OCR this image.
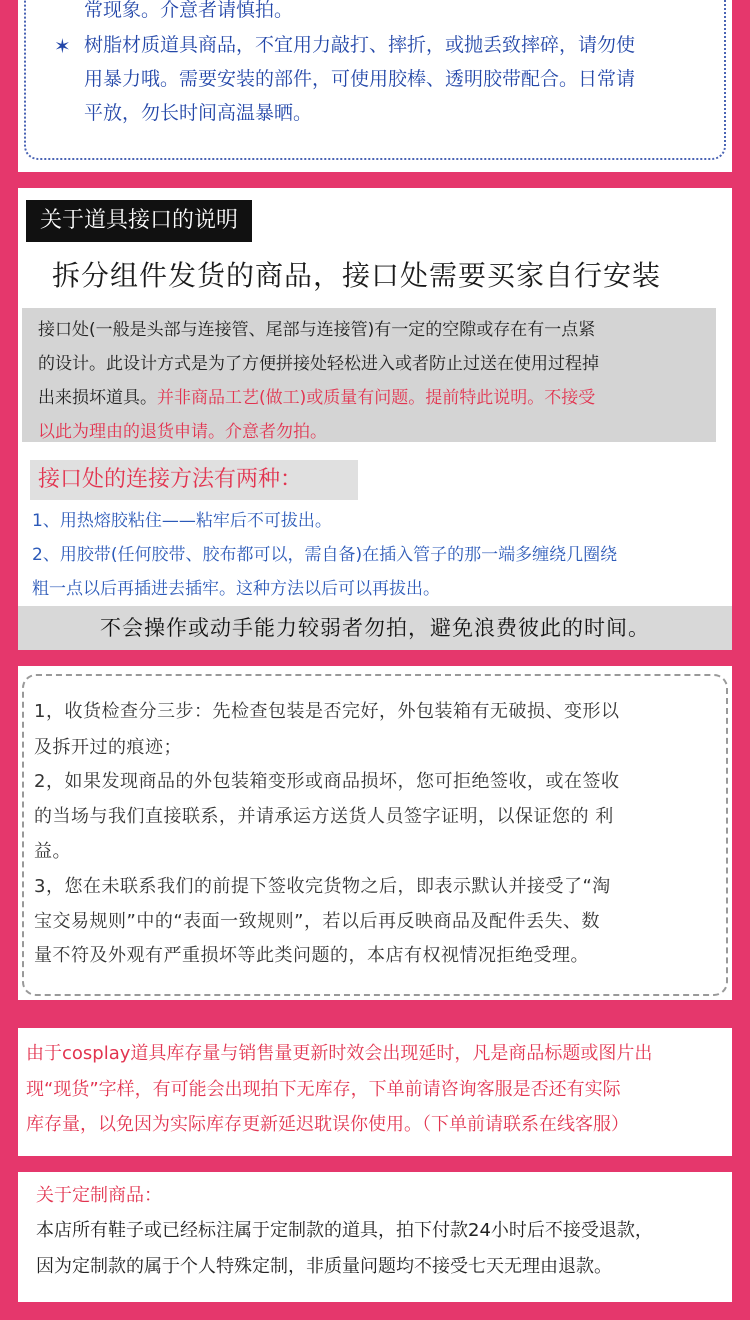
常现象。介意者请慎拍。
✶ 树脂材质道具商品，不宜用力敲打、摔折，或抛丢致摔碎，请勿使
用暴力哦。需要安装的部件，可使用胶棒、透明胶带配合。日常请
平放，勿长时间高温暴晒。
关于道具接口的说明
拆分组件发货的商品，接口处需要买家自行安装
接口处(一般是头部与连接管、尾部与连接管)有一定的空隙或存在有一点紧
的设计。此设计方式是为了方便拼接处轻松进入或者防止过送在使用过程掉
出来损坏道具。并非商品工艺(做工)或质量有问题。提前特此说明。不接受
以此为理由的退货申请。介意者勿拍。
接口处的连接方法有两种：
1、用热熔胶粘住——粘牢后不可拔出。
2、用胶带(任何胶带、胶布都可以，需自备)在插入管子的那一端多缠绕几圈绕
粗一点以后再插进去插牢。这种方法以后可以再拔出。
不会操作或动手能力较弱者勿拍，避免浪费彼此的时间。
1，收货检查分三步：先检查包装是否完好，外包装箱有无破损、变形以
及拆开过的痕迹；
2，如果发现商品的外包装箱变形或商品损坏，您可拒绝签收，或在签收
的当场与我们直接联系，并请承运方送货人员签字证明，以保证您的 利
益。
3，您在未联系我们的前提下签收完货物之后，即表示默认并接受了“淘
宝交易规则”中的“表面一致规则”，若以后再反映商品及配件丢失、数
量不符及外观有严重损坏等此类问题的，本店有权视情况拒绝受理。
由于cosplay道具库存量与销售量更新时效会出现延时，凡是商品标题或图片出
现“现货”字样，有可能会出现拍下无库存，下单前请咨询客服是否还有实际
库存量，以免因为实际库存更新延迟耽误你使用。（下单前请联系在线客服）
关于定制商品：
本店所有鞋子或已经标注属于定制款的道具，拍下付款24小时后不接受退款，
因为定制款的属于个人特殊定制，非质量问题均不接受七天无理由退款。
